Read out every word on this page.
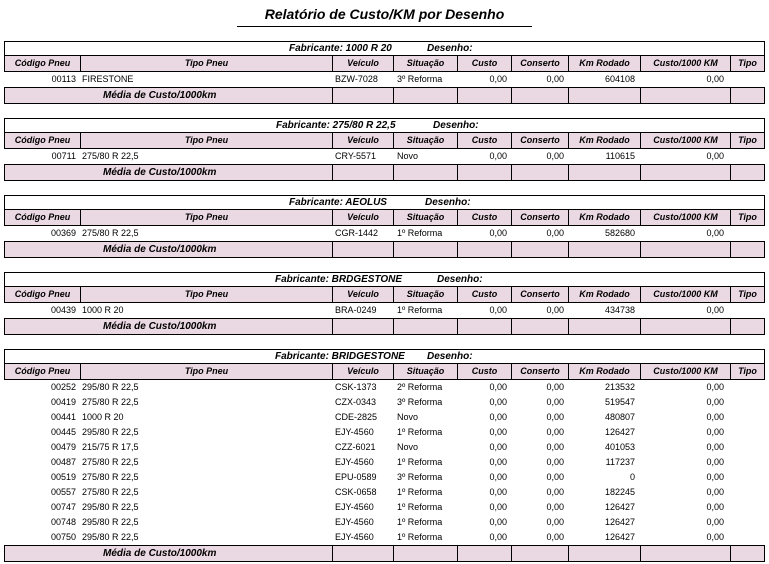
Relatório de Custo/KM por Desenho
Fabricante: 1000 R 20	Desenho:
Código Pneu	Tipo Pneu	Veículo	Situação	Custo	Conserto	Km Rodado	Custo/1000 KM	Tipo
00113 FIRESTONE	BZW-7028	3º Reforma	0,00	0,00	604108	0,00
Média de Custo/1000km
Fabricante: 275/80 R 22,5	Desenho:
Código Pneu	Tipo Pneu	Veículo	Situação	Custo	Conserto	Km Rodado	Custo/1000 KM	Tipo
00711 275/80 R 22,5	CRY-5571	Novo	0,00	0,00	110615	0,00
Média de Custo/1000km
Fabricante: AEOLUS	Desenho:
Código Pneu	Tipo Pneu	Veículo	Situação	Custo	Conserto	Km Rodado	Custo/1000 KM	Tipo
00369 275/80 R 22,5	CGR-1442	1º Reforma	0,00	0,00	582680	0,00
Média de Custo/1000km
Fabricante: BRDGESTONE	Desenho:
Código Pneu	Tipo Pneu	Veículo	Situação	Custo	Conserto	Km Rodado	Custo/1000 KM	Tipo
00439 1000 R 20	BRA-0249	1º Reforma	0,00	0,00	434738	0,00
Média de Custo/1000km
Fabricante: BRIDGESTONE Desenho:
Código Pneu	Tipo Pneu	Veículo	Situação	Custo	Conserto	Km Rodado	Custo/1000 KM	Tipo
00252 295/80 R 22,5	CSK-1373	2º Reforma	0,00	0,00	213532	0,00
00419 275/80 R 22,5	CZX-0343	3º Reforma	0,00	0,00	519547	0,00
00441 1000 R 20	CDE-2825	Novo	0,00	0,00	480807	0,00
00445 295/80 R 22,5	EJY-4560	1º Reforma	0,00	0,00	126427	0,00
00479 215/75 R 17,5	CZZ-6021	Novo	0,00	0,00	401053	0,00
00487 275/80 R 22,5	EJY-4560	1º Reforma	0,00	0,00	117237	0,00
00519 275/80 R 22,5	EPU-0589	3º Reforma	0,00	0,00	0	0,00
00557 275/80 R 22,5	CSK-0658	1º Reforma	0,00	0,00	182245	0,00
00747 295/80 R 22,5	EJY-4560	1º Reforma	0,00	0,00	126427	0,00
00748 295/80 R 22,5	EJY-4560	1º Reforma	0,00	0,00	126427	0,00
00750 295/80 R 22,5	EJY-4560	1º Reforma	0,00	0,00	126427	0,00
Média de Custo/1000km
